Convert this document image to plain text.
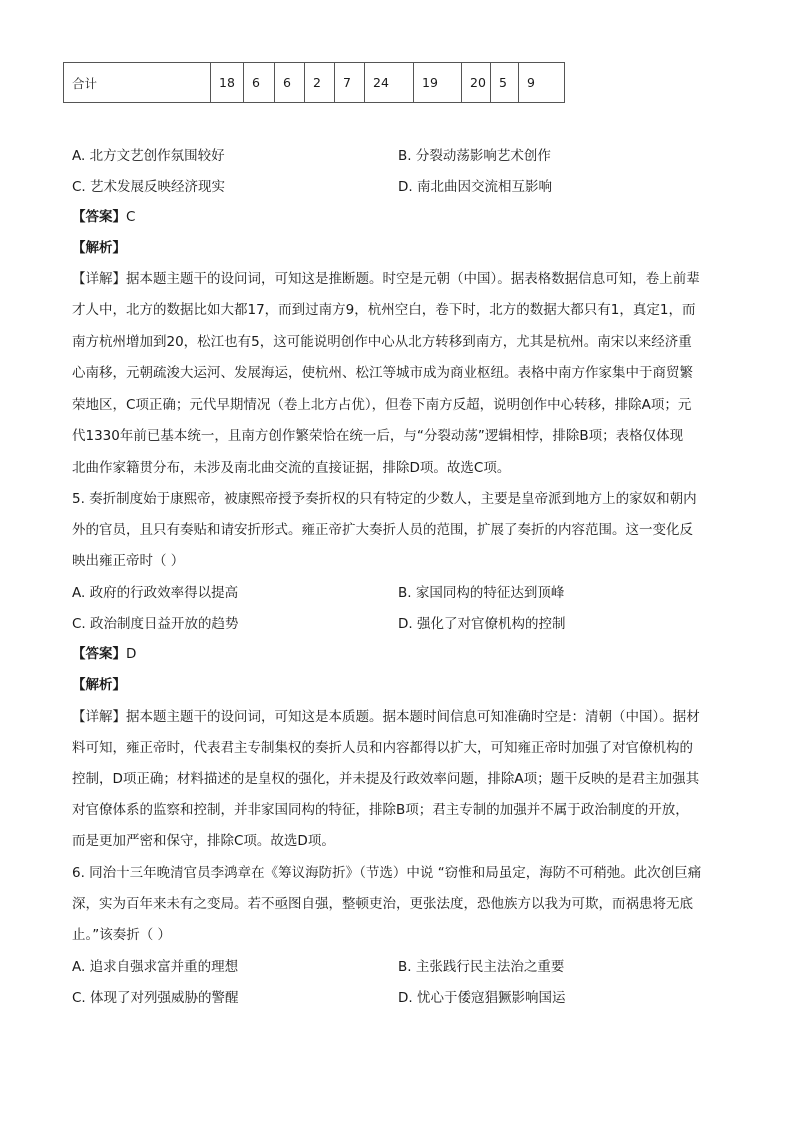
合计	18	6	6	2	7	24	19	20	5	9
A. 北方文艺创作氛围较好	B. 分裂动荡影响艺术创作
C. 艺术发展反映经济现实	D. 南北曲因交流相互影响
【答案】C
【解析】
【详解】据本题主题干的设问词，可知这是推断题。时空是元朝（中国）。据表格数据信息可知，卷上前辈
才人中，北方的数据比如大都17，而到过南方9，杭州空白，卷下时，北方的数据大都只有1，真定1，而
南方杭州增加到20，松江也有5，这可能说明创作中心从北方转移到南方，尤其是杭州。南宋以来经济重
心南移，元朝疏浚大运河、发展海运，使杭州、松江等城市成为商业枢纽。表格中南方作家集中于商贸繁
荣地区，C项正确；元代早期情况（卷上北方占优），但卷下南方反超，说明创作中心转移，排除A项；元
代1330年前已基本统一，且南方创作繁荣恰在统一后，与“分裂动荡”逻辑相悖，排除B项；表格仅体现
北曲作家籍贯分布，未涉及南北曲交流的直接证据，排除D项。故选C项。
5. 奏折制度始于康熙帝，被康熙帝授予奏折权的只有特定的少数人，主要是皇帝派到地方上的家奴和朝内
外的官员，且只有奏贴和请安折形式。雍正帝扩大奏折人员的范围，扩展了奏折的内容范围。这一变化反
映出雍正帝时（ ）
A. 政府的行政效率得以提高	B. 家国同构的特征达到顶峰
C. 政治制度日益开放的趋势	D. 强化了对官僚机构的控制
【答案】D
【解析】
【详解】据本题主题干的设问词，可知这是本质题。据本题时间信息可知准确时空是：清朝（中国）。据材
料可知，雍正帝时，代表君主专制集权的奏折人员和内容都得以扩大，可知雍正帝时加强了对官僚机构的
控制，D项正确；材料描述的是皇权的强化，并未提及行政效率问题，排除A项；题干反映的是君主加强其
对官僚体系的监察和控制，并非家国同构的特征，排除B项；君主专制的加强并不属于政治制度的开放，
而是更加严密和保守，排除C项。故选D项。
6. 同治十三年晚清官员李鸿章在《筹议海防折》（节选）中说 “窃惟和局虽定，海防不可稍弛。此次创巨痛
深，实为百年来未有之变局。若不亟图自强，整顿吏治，更张法度，恐他族方以我为可欺，而祸患将无底
止。”该奏折（ ）
A. 追求自强求富并重的理想	B. 主张践行民主法治之重要
C. 体现了对列强威胁的警醒	D. 忧心于倭寇猖獗影响国运
